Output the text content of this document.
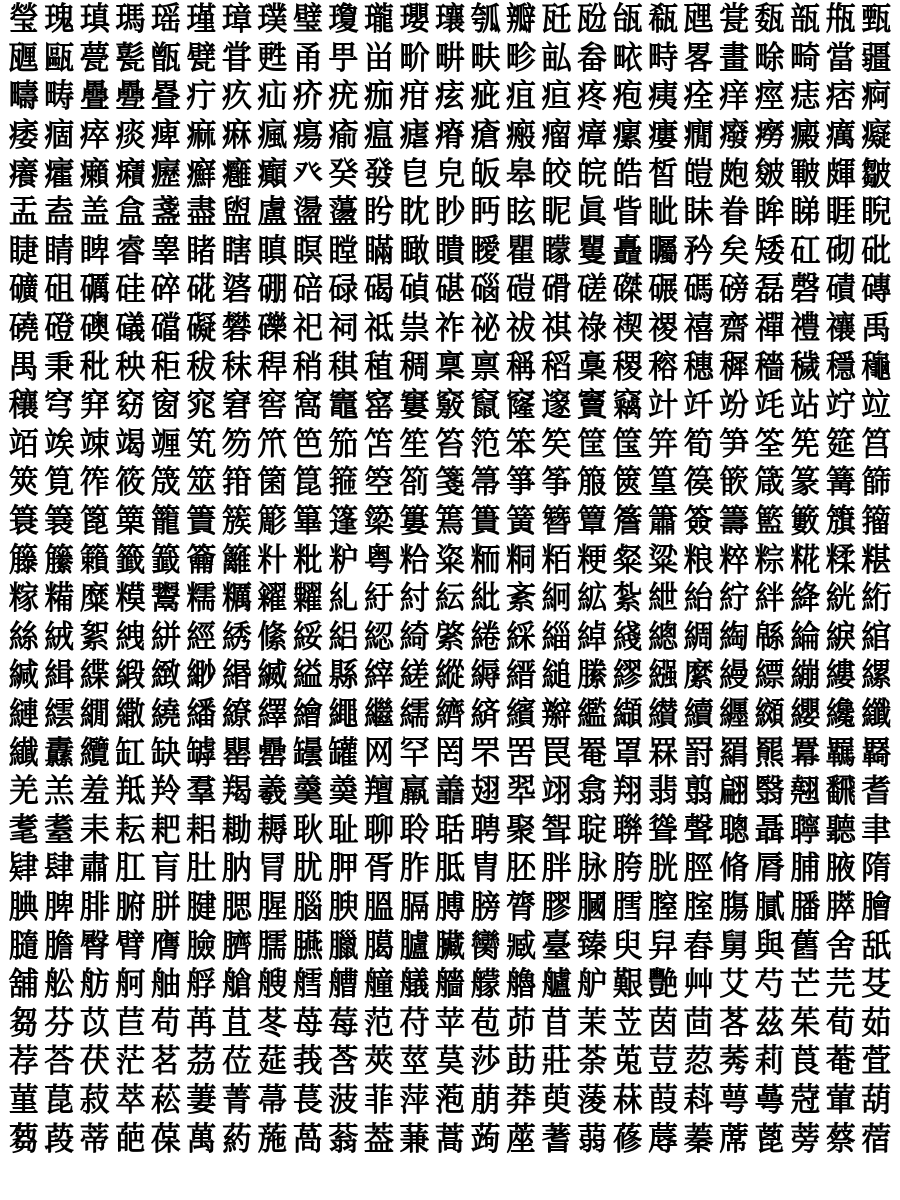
瑩 瑰 瑱 瑪 瑶 瑾 璋 璞 璧 瓊 瓏 瓔 瓖 瓠 瓣 瓩 瓰 瓵 瓻 瓼 瓽 瓾 瓿 甁 甄
甅 甌 甍 甏 甑 甓 甞 甦 甬 甼 畄 畍 畊 畉 畛 畆 畚 畩 畤 畧 畫 畭 畸 當 疆
疇 畴 疊 疉 疂 疔 疚 疝 疥 疣 痂 疳 痃 疵 疽 疸 疼 疱 痍 痊 痒 痙 痣 痞 痾
痿 痼 瘁 痰 痺 痲 痳 瘋 瘍 瘉 瘟 瘧 瘠 瘡 瘢 瘤 瘴 瘰 瘻 癇 癈 癆 癜 癘 癡
癢 癨 癩 癪 癧 癬 癰 癲 癶 癸 發 皀 皃 皈 皋 皎 皖 皓 皙 皚 皰 皴 皸 皹 皺
盂 盍 盖 盒 盞 盡 盥 盧 盪 蘯 盻 眈 眇 眄 眩 眤 眞 眥 眦 眛 眷 眸 睇 睚 睨
睫 睛 睥 睿 睾 睹 瞎 瞋 瞑 瞠 瞞 瞰 瞶 瞹 瞿 矇 矍 矗 矚 矜 矣 矮 矼 砌 砒
礦 砠 礪 硅 碎 硴 碆 硼 碚 碌 碣 碵 碪 碯 磑 磆 磋 磔 碾 碼 磅 磊 磬 磧 磚
磽 磴 礇 礒 礑 礙 礬 礫 祀 祠 祗 祟 祚 祕 祓 祺 祿 禊 禝 禧 齋 禪 禮 禳 禹
禺 秉 秕 秧 秬 秡 秣 稈 稍 稘 稙 稠 稟 禀 稱 稻 稾 稷 穃 穗 穉 穡 穢 穩 龝
穰 穹 穽 窈 窗 窕 窘 窖 窩 竈 窰 窶 竅 竄 窿 邃 竇 竊 竍 竏 竕 竓 站 竚 竝
竡 竢 竦 竭 竰 笂 笏 笊 笆 笳 笘 笙 笞 笵 笨 笶 筐 筺 笄 筍 笋 筌 筅 筵 筥
筴 筧 筰 筱 筬 筮 箝 箘 箟 箍 箜 箚 箋 箒 箏 筝 箙 篋 篁 篌 篏 箴 篆 篝 篩
簑 簔 篦 篥 籠 簀 簇 簓 篳 篷 簗 簍 篶 簣 簧 簪 簟 簷 簫 簽 籌 籃 籔 籏 籀
籐 籘 籟 籤 籖 籥 籬 籵 粃 粐 粤 粭 粢 粫 粡 粨 粳 粲 粱 粮 粹 粽 糀 糅 糂
糘 糒 糜 糢 鬻 糯 糲 糴 糶 糺 紆 紂 紜 紕 紊 絅 絋 紮 紲 紿 紵 絆 絳 絖 絎
絲 絨 絮 絏 絣 經 綉 絛 綏 絽 綛 綺 綮 綣 綵 緇 綽 綫 總 綢 綯 緜 綸 綟 綰
緘 緝 緤 緞 緻 緲 緡 縅 縊 縣 縡 縒 縱 縟 縉 縋 縢 繆 繦 縻 縵 縹 繃 縷 縲
縺 繧 繝 繖 繞 繙 繚 繹 繪 繩 繼 繻 纃 緕 繽 辮 繿 纈 纉 續 纒 纐 纓 纔 纖
纎 纛 纜 缸 缺 罅 罌 罍 罎 罐 网 罕 罔 罘 罟 罠 罨 罩 罧 罸 羂 羆 羃 羈 羇
羌 羔 羞 羝 羚 羣 羯 羲 羹 羮 羶 羸 譱 翅 翆 翊 翕 翔 翡 翦 翩 翳 翹 飜 耆
耄 耋 耒 耘 耙 耜 耡 耨 耿 耻 聊 聆 聒 聘 聚 聟 聢 聨 聳 聲 聰 聶 聹 聽 聿
肄 肆 肅 肛 肓 肚 肭 冐 肬 胛 胥 胙 胝 胄 胚 胖 脉 胯 胱 脛 脩 脣 脯 腋 隋
腆 脾 腓 腑 胼 腱 腮 腥 腦 腴 膃 膈 膊 膀 膂 膠 膕 膤 膣 腟 膓 膩 膰 膵 膾
膸 膽 臀 臂 膺 臉 臍 臑 臙 臘 臈 臚 臟 臠 臧 臺 臻 臾 舁 舂 舅 與 舊 舍 舐
舖 舩 舫 舸 舳 艀 艙 艘 艝 艚 艟 艤 艢 艨 艪 艫 舮 艱 艷 艸 艾 芍 芒 芫 芟
芻 芬 苡 苣 苟 苒 苴 苳 苺 莓 范 苻 苹 苞 茆 苜 茉 苙 茵 茴 茖 茲 茱 荀 茹
荐 荅 茯 茫 茗 茘 莅 莚 莪 莟 莢 莖 茣 莎 莇 莊 荼 莵 荳 荵 莠 莉 莨 菴 萓
菫 菎 菽 萃 菘 萋 菁 菷 萇 菠 菲 萍 萢 萠 莽 萸 蔆 菻 葭 萪 萼 蕚 蒄 葷 葫
蒭 葮 蒂 葩 葆 萬 葯 葹 萵 蓊 葢 蒹 蒿 蒟 蓙 蓍 蒻 蓚 蓐 蓁 蓆 蓖 蒡 蔡 蓿
